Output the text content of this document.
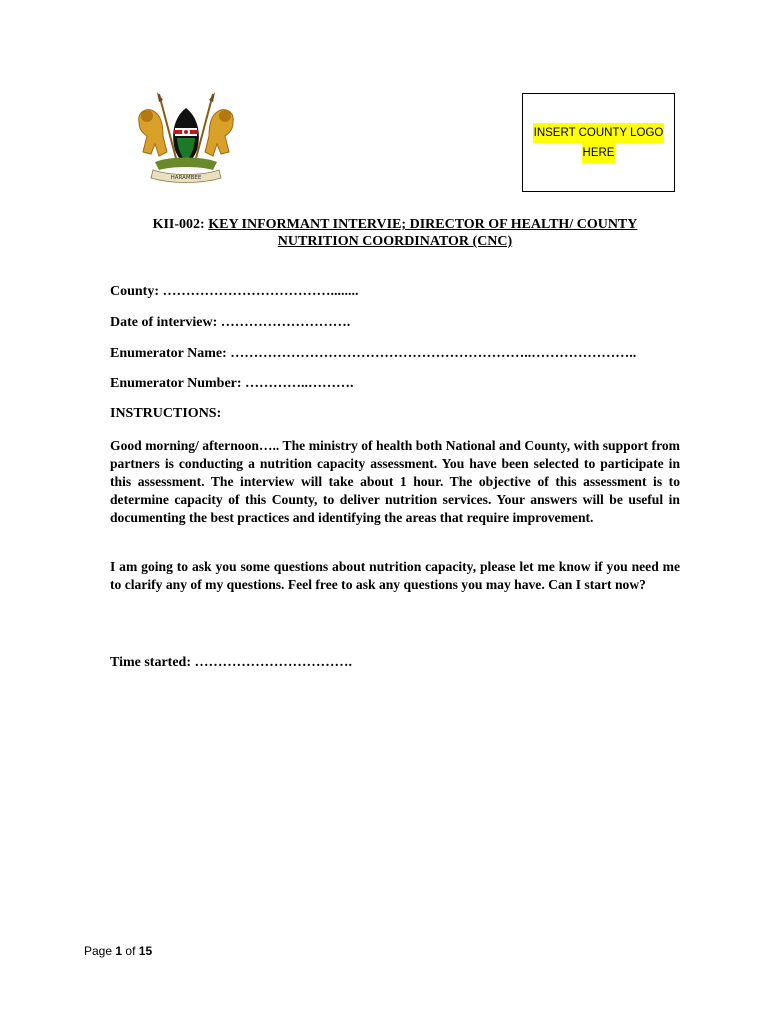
HARAMBEE
INSERT COUNTY LOGO
HERE
KII-002: KEY INFORMANT INTERVIE; DIRECTOR OF HEALTH/ COUNTY
NUTRITION COORDINATOR (CNC)
County: ………………………………........
Date of interview: ……………………….
Enumerator Name: ………………………………………………………..…………………..
Enumerator Number: …………..……….
INSTRUCTIONS:
Good morning/ afternoon….. The ministry of health both National and County, with support from partners is conducting a nutrition capacity assessment. You have been selected to participate in this assessment. The interview will take about 1 hour. The objective of this assessment is to determine capacity of this County, to deliver nutrition services. Your answers will be useful in documenting the best practices and identifying the areas that require improvement.
I am going to ask you some questions about nutrition capacity, please let me know if you need me to clarify any of my questions. Feel free to ask any questions you may have. Can I start now?
Time started: …………………………….
Page 1 of 15
